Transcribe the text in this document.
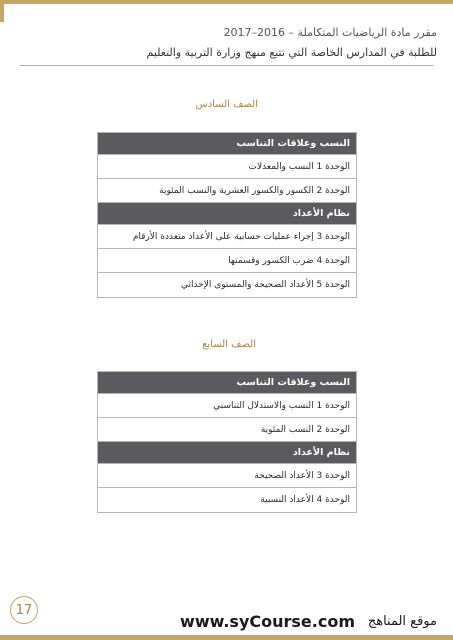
مقرر مادة الرياضيات المتكاملة – 2016–2017
للطلبة في المدارس الخاصة التي تتبع منهج وزارة التربية والتعليم
الصف السادس
النسب وعلاقات التناسب
الوحدة 1 النسب والمعدلات
الوحدة 2 الكسور والكسور العشرية والنسب المئوية
نظام الأعداد
الوحدة 3 إجراء عمليات حسابية على الأعداد متعددة الأرقام
الوحدة 4 ضرب الكسور وقسمتها
الوحدة 5 الأعداد الصحيحة والمستوى الإحداثي
الصف السابع
النسب وعلاقات التناسب
الوحدة 1 النسب والاستدلال التناسبي
الوحدة 2 النسب المئوية
نظام الأعداد
الوحدة 3 الأعداد الصحيحة
الوحدة 4 الأعداد النسبية
17
www.syCourse.com موقع المناهج
